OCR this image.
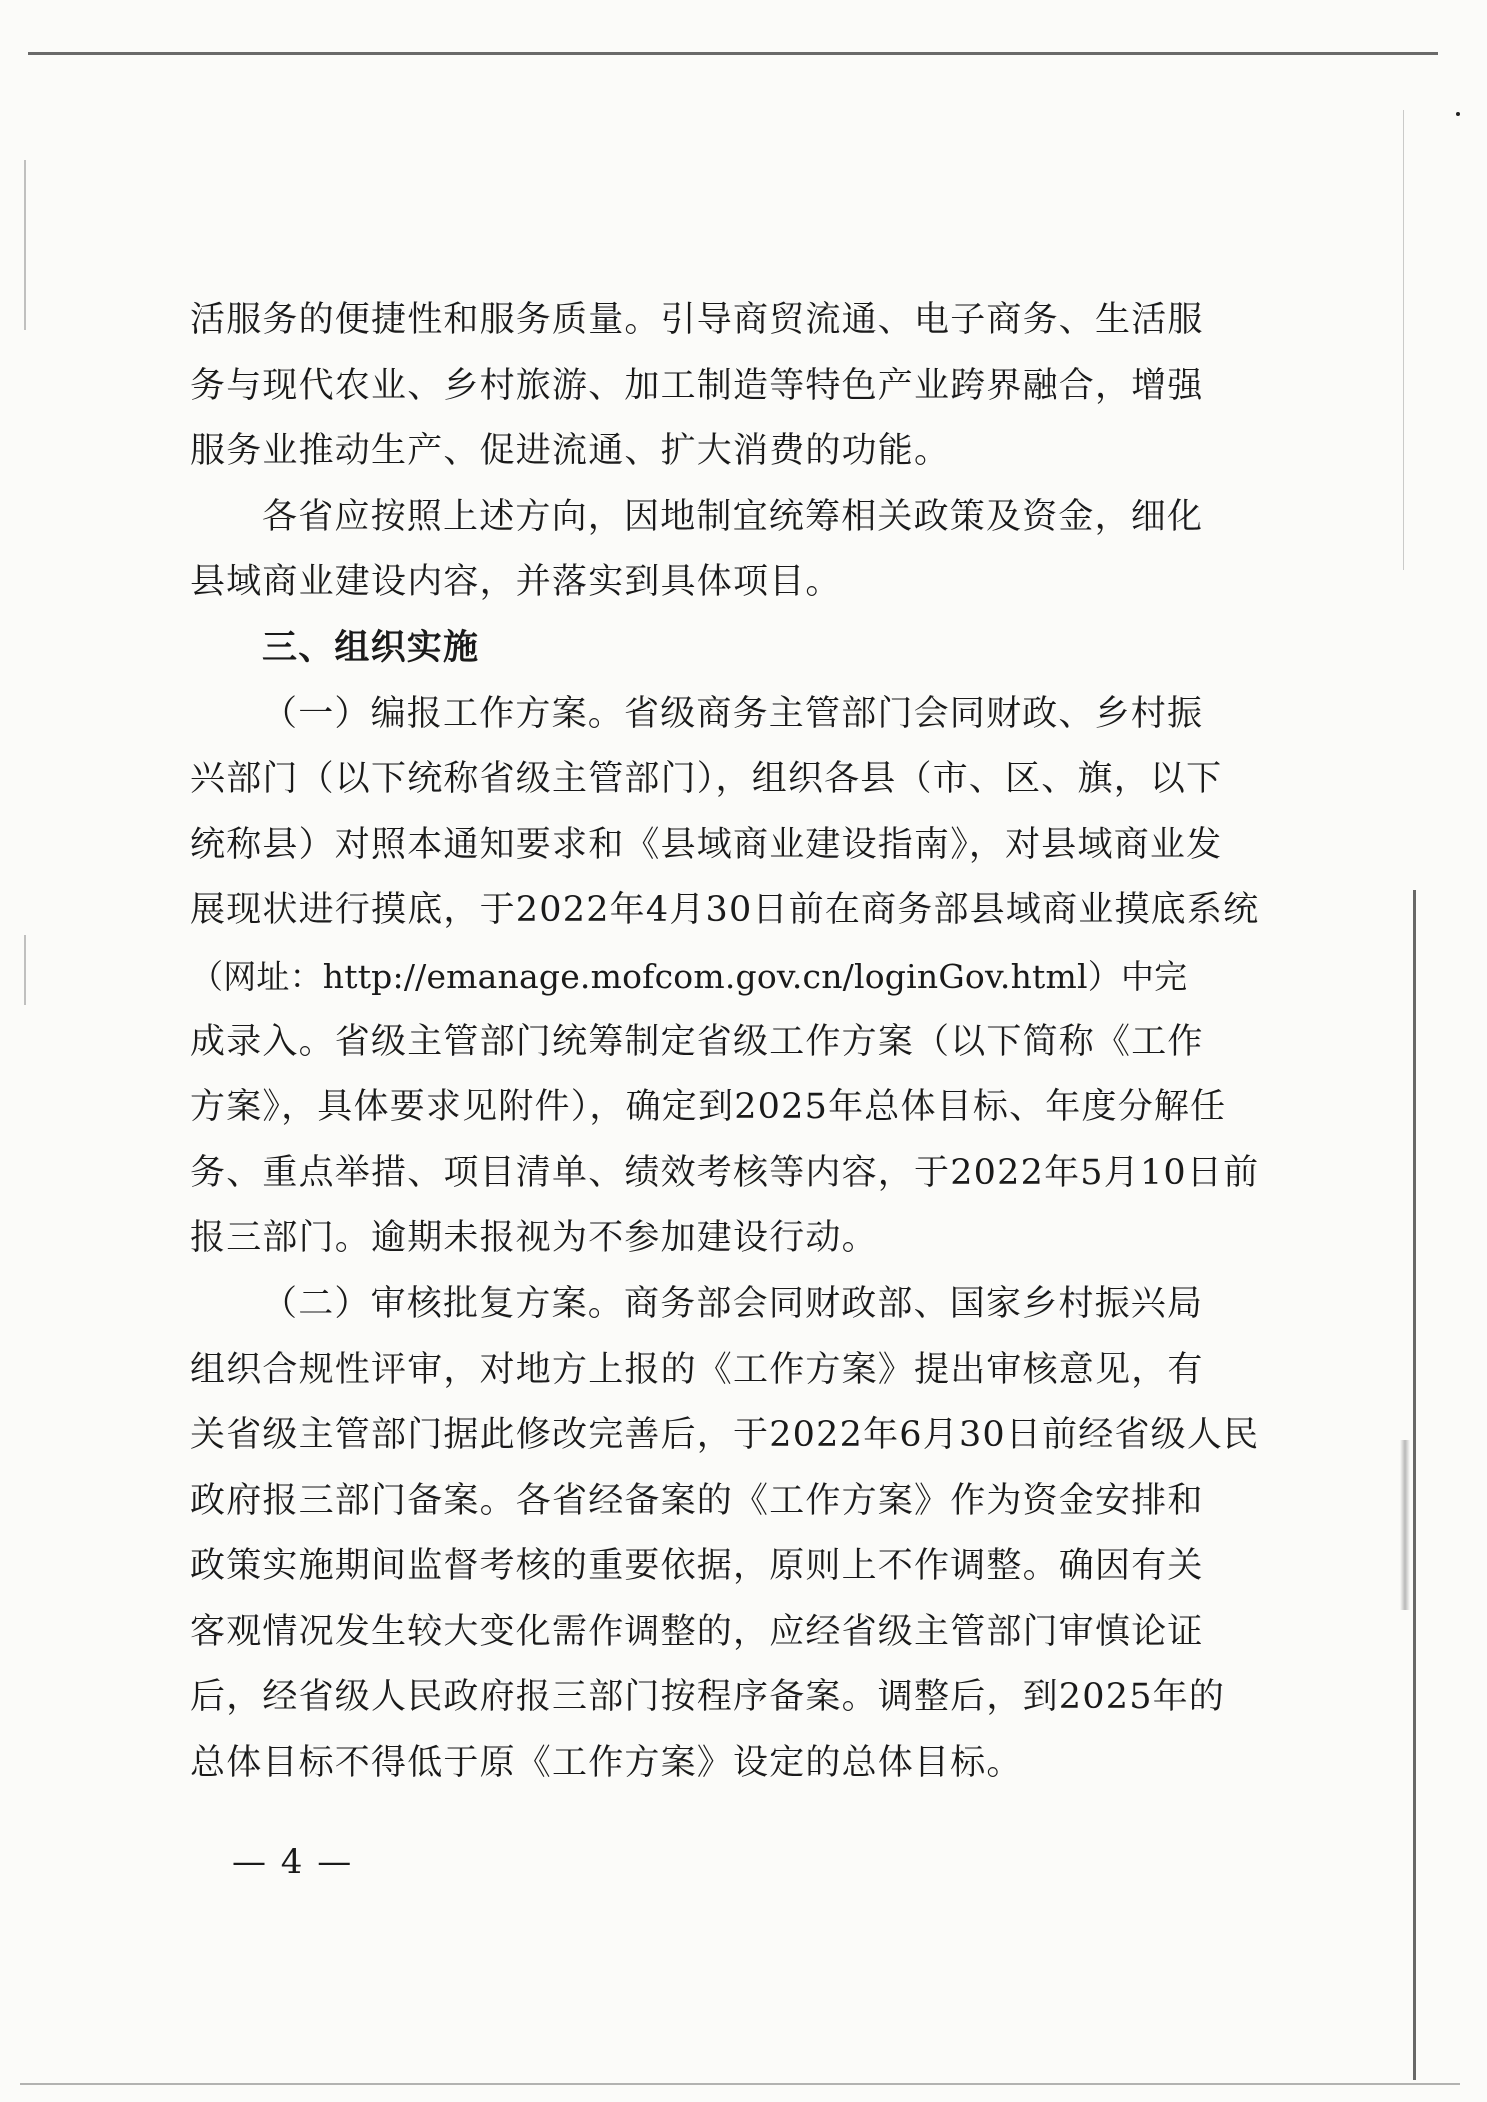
活服务的便捷性和服务质量。引导商贸流通、电子商务、生活服
务与现代农业、乡村旅游、加工制造等特色产业跨界融合，增强
服务业推动生产、促进流通、扩大消费的功能。
各省应按照上述方向，因地制宜统筹相关政策及资金，细化
县域商业建设内容，并落实到具体项目。
三、组织实施
（一）编报工作方案。省级商务主管部门会同财政、乡村振
兴部门（以下统称省级主管部门），组织各县（市、区、旗，以下
统称县）对照本通知要求和《县域商业建设指南》，对县域商业发
展现状进行摸底，于2022年4月30日前在商务部县域商业摸底系统
（网址：http://emanage.mofcom.gov.cn/loginGov.html）中完
成录入。省级主管部门统筹制定省级工作方案（以下简称《工作
方案》，具体要求见附件），确定到2025年总体目标、年度分解任
务、重点举措、项目清单、绩效考核等内容，于2022年5月10日前
报三部门。逾期未报视为不参加建设行动。
（二）审核批复方案。商务部会同财政部、国家乡村振兴局
组织合规性评审，对地方上报的《工作方案》提出审核意见，有
关省级主管部门据此修改完善后，于2022年6月30日前经省级人民
政府报三部门备案。各省经备案的《工作方案》作为资金安排和
政策实施期间监督考核的重要依据，原则上不作调整。确因有关
客观情况发生较大变化需作调整的，应经省级主管部门审慎论证
后，经省级人民政府报三部门按程序备案。调整后，到2025年的
总体目标不得低于原《工作方案》设定的总体目标。
— 4 —
